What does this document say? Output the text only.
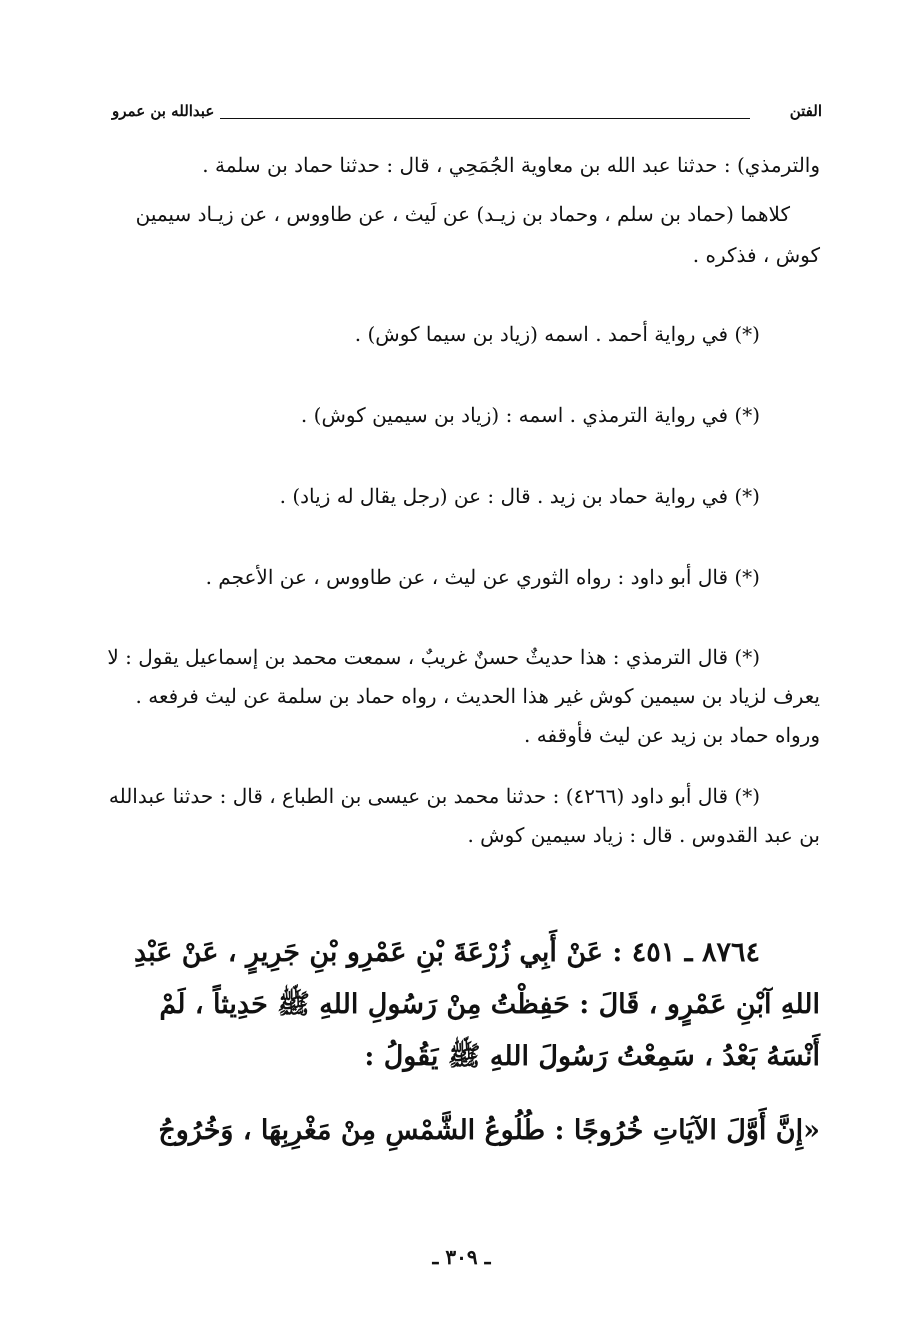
الفتن
عبدالله بن عمرو

والترمذي) : حدثنا عبد الله بن معاوية الجُمَحِي ، قال : حدثنا حماد بن سلمة .

كلاهما (حماد بن سلم ، وحماد بن زيـد) عن لَيث ، عن طاووس ، عن زيـاد سيمين كوش ، فذكره .

(*) في رواية أحمد . اسمه (زياد بن سيما كوش) .

(*) في رواية الترمذي . اسمه : (زياد بن سيمين كوش) .

(*) في رواية حماد بن زيد . قال : عن (رجل يقال له زياد) .

(*) قال أبو داود : رواه الثوري عن ليث ، عن طاووس ، عن الأعجم .

(*) قال الترمذي : هذا حديثٌ حسنٌ غريبٌ ، سمعت محمد بن إسماعيل يقول : لا يعرف لزياد بن سيمين كوش غير هذا الحديث ، رواه حماد بن سلمة عن ليث فرفعه . ورواه حماد بن زيد عن ليث فأوقفه .

(*) قال أبو داود (٤٢٦٦) : حدثنا محمد بن عيسى بن الطباع ، قال : حدثنا عبدالله بن عبد القدوس . قال : زياد سيمين كوش .

٨٧٦٤ ـ ٤٥١ : عَنْ أَبِي زُرْعَةَ بْنِ عَمْرِو بْنِ جَرِيرٍ ، عَنْ عَبْدِ اللهِ آبْنِ عَمْرٍو ، قَالَ : حَفِظْتُ مِنْ رَسُولِ اللهِ ﷺ حَدِيثاً ، لَمْ أَنْسَهُ بَعْدُ ، سَمِعْتُ رَسُولَ اللهِ ﷺ يَقُولُ :

«إِنَّ أَوَّلَ الآيَاتِ خُرُوجًا : طُلُوعُ الشَّمْسِ مِنْ مَغْرِبِهَا ، وَخُرُوجُ

ـ ٣٠٩ ـ
